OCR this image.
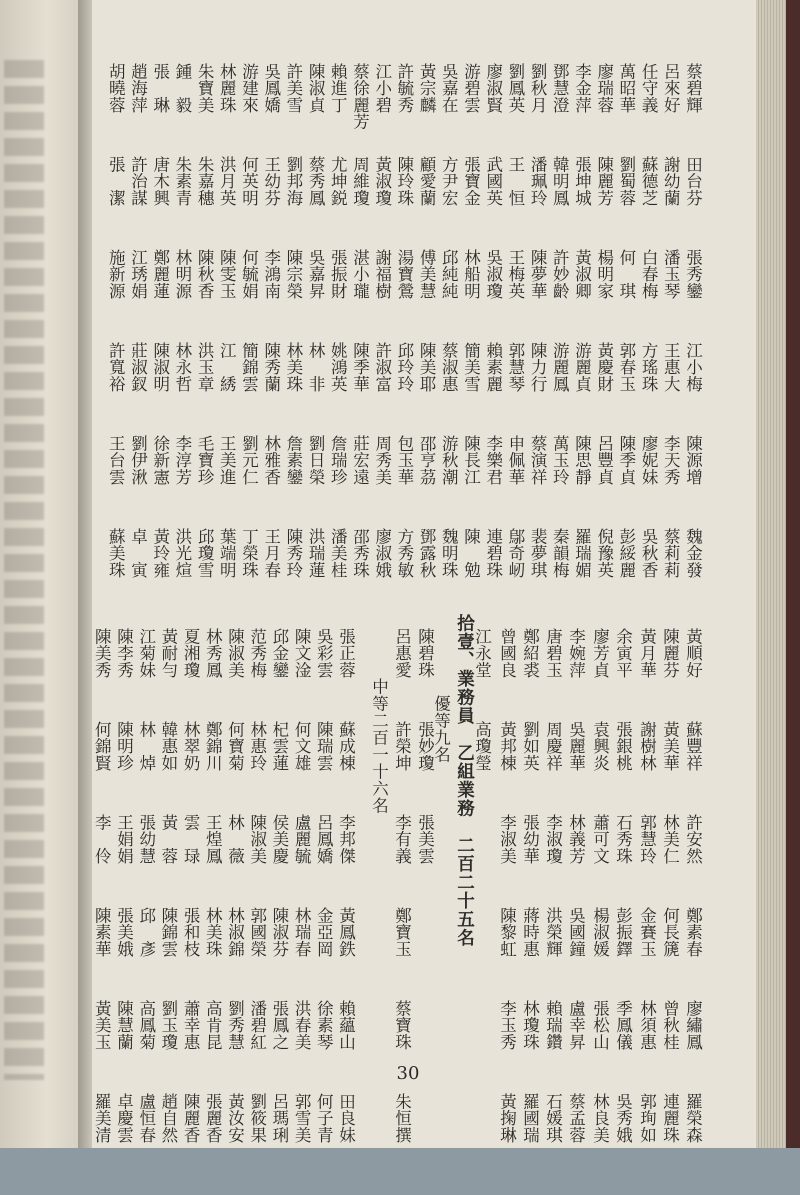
蔡碧輝
田台芬
張秀鑾
江小梅
陳源增
魏金發
呂來好
謝幼蘭
潘玉琴
王惠大
李天秀
蔡莉莉
任守義
蘇德芝
白春梅
方瑤珠
廖妮妹
吳秋香
萬昭華
劉蜀蓉
何　琪
郭春玉
陳季貞
彭綏麗
廖瑞蓉
陳麗芳
楊明家
黃慶財
呂豐貞
倪豫英
李金萍
張坤城
黃淑卿
游麗貞
陳思靜
羅瑞媚
鄧慧澄
韓明鳳
許妙齡
游麗鳳
萬玉玲
秦韻梅
劉秋月
潘珮玲
陳夢華
陳力行
蔡演祥
裴夢琪
劉鳳英
王　恒
王梅英
郭慧琴
申佩華
鄔奇屻
廖淑賢
武國英
吳淑瓊
賴素麗
李樂君
連碧珠
游碧雲
張寶金
林船明
簡美雪
陳長江
陳　勉
吳嘉在
方尹宏
邱純純
蔡淑惠
游秋潮
魏明珠
黃宗麟
顧愛蘭
傅美慧
陳美耶
邵亨茘
鄧露秋
許毓秀
陳玲珠
湯寶鶯
邱玲玲
包玉華
方秀敏
江小碧
黃淑瓊
謝福樹
許淑富
周秀美
廖淑娥
蔡徐麗芳
周維瓊
湛小瓏
陳季華
莊宏遠
邵秀珠
賴進丁
尤坤鋭
張振財
姚鴻英
詹瑞珍
潘美桂
陳淑貞
蔡秀鳳
吳嘉昇
林　非
劉日榮
洪瑞蓮
許美雪
劉邦海
陳宗榮
林美珠
詹素鑾
陳秀玲
吳鳳嬌
王幼芬
李鴻南
陳秀蘭
林雅香
王月春
游建來
何英明
何毓娟
簡錦雲
劉元仁
丁榮珠
林麗珠
洪月英
陳雯玉
江　綉
王美進
葉端明
朱寶美
朱嘉穗
陳秋香
洪玉章
毛寶珍
邱瓊雪
鍾　毅
朱素青
林明源
林永哲
李淳芳
洪光煊
張　琳
唐木興
鄭麗蓮
陳淑明
徐新憲
黃玲雍
趙海萍
許治謀
江琇娟
莊淑釵
劉伊湫
卓　寅
胡曉蓉
張　潔
施新源
許寬裕
王台雲
蘇美珠
江永堂
高瓊瑩
曾國良
黃邦棟
李淑美
陳黎虹
李玉秀
黃掬琳
鄭紹裘
劉如英
張幼華
蔣時惠
林瓊珠
羅國瑞
唐碧玉
周慶祥
李淑瓊
洪榮輝
賴瑞鑽
石媛琪
李婉萍
吳麗華
林義芳
吳國鐘
盧幸昇
蔡孟蓉
廖芳貞
袁興炎
蕭可文
楊淑媛
張松山
林良美
余寅平
張銀桃
石秀珠
彭振鐸
季鳳儀
吳秀娥
黃月華
謝樹林
郭慧玲
金賽玉
林須惠
郭珣如
陳麗芬
黃美華
林美仁
何長篪
曾秋桂
連麗珠
黃順好
蘇豐祥
許安然
鄭素春
廖繡鳳
羅榮森
拾壹、業務員　乙組業務　二百二十五名
優等九名
陳碧珠
張妙瓊
張美雲
呂惠愛
許榮坤
李有義
鄭寶玉
蔡寶珠
朱恒撰
中等二百一十六名
張正蓉
蘇成棟
李邦傑
黃鳳鉄
賴蘊山
田良妹
吳彩雲
陳瑞雲
呂鳳嬌
金亞岡
徐素琴
何子青
陳文淦
何文雄
盧麗毓
林瑞春
洪春美
郭雪美
邱金鑾
杞雲蓮
侯美慶
陳淑芬
張鳳之
呂瑪琍
范秀梅
林惠玲
陳淑美
郭國榮
潘碧紅
劉筱果
陳淑美
何寶菊
林　薇
林淑錦
劉秀慧
黃汝安
林秀鳳
鄭錦川
王煌鳳
林美珠
高肯昆
張麗香
夏湘瓊
林翠奶
雲　琭
張和枝
蕭幸惠
陳麗香
黃耐勻
韓惠如
黃　蓉
陳錦雲
劉玉瓊
趙自然
江菊妹
林　焯
張幼慧
邱　彥
高鳳菊
盧恒春
陳李秀
陳明珍
王娟娟
張美娥
陳慧蘭
卓慶雲
陳美秀
何錦賢
李　伶
陳素華
黃美玉
羅美清
30
